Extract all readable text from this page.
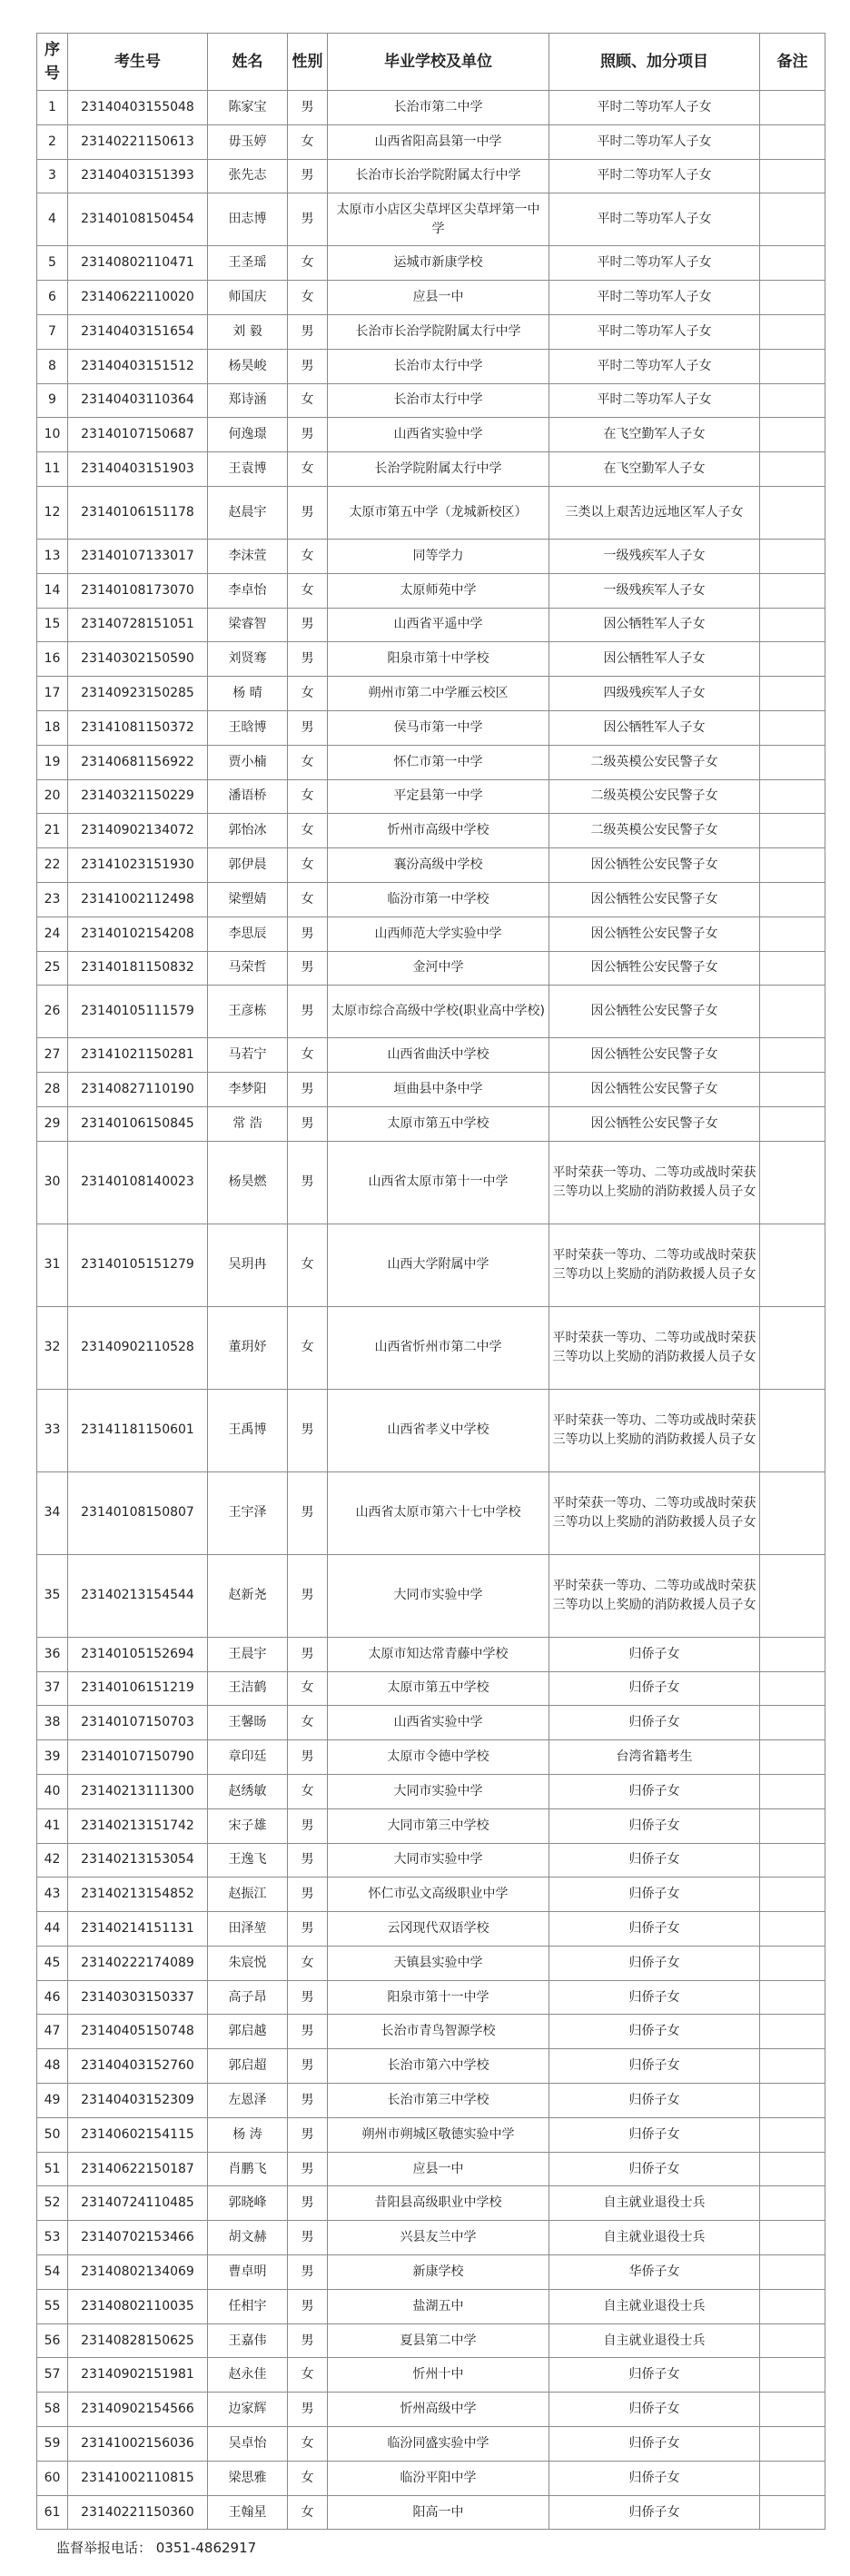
序号	考生号	姓名	性别	毕业学校及单位	照顾、加分项目	备注
1	23140403155048	陈家宝	男	长治市第二中学	平时二等功军人子女	
2	23140221150613	毋玉婷	女	山西省阳高县第一中学	平时二等功军人子女	
3	23140403151393	张先志	男	长治市长治学院附属太行中学	平时二等功军人子女	
4	23140108150454	田志博	男	太原市小店区尖草坪区尖草坪第一中学	平时二等功军人子女	
5	23140802110471	王圣瑶	女	运城市新康学校	平时二等功军人子女	
6	23140622110020	师国庆	女	应县一中	平时二等功军人子女	
7	23140403151654	刘 毅	男	长治市长治学院附属太行中学	平时二等功军人子女	
8	23140403151512	杨昊峻	男	长治市太行中学	平时二等功军人子女	
9	23140403110364	郑诗涵	女	长治市太行中学	平时二等功军人子女	
10	23140107150687	何逸璟	男	山西省实验中学	在飞空勤军人子女	
11	23140403151903	王袁博	女	长治学院附属太行中学	在飞空勤军人子女	
12	23140106151178	赵晨宇	男	太原市第五中学（龙城新校区）	三类以上艰苦边远地区军人子女	
13	23140107133017	李沫萱	女	同等学力	一级残疾军人子女	
14	23140108173070	李卓怡	女	太原师苑中学	一级残疾军人子女	
15	23140728151051	梁睿智	男	山西省平遥中学	因公牺牲军人子女	
16	23140302150590	刘贤骞	男	阳泉市第十中学校	因公牺牲军人子女	
17	23140923150285	杨 晴	女	朔州市第二中学雁云校区	四级残疾军人子女	
18	23141081150372	王晗博	男	侯马市第一中学	因公牺牲军人子女	
19	23140681156922	贾小楠	女	怀仁市第一中学	二级英模公安民警子女	
20	23140321150229	潘语桥	女	平定县第一中学	二级英模公安民警子女	
21	23140902134072	郭怡冰	女	忻州市高级中学校	二级英模公安民警子女	
22	23141023151930	郭伊晨	女	襄汾高级中学校	因公牺牲公安民警子女	
23	23141002112498	梁塑婧	女	临汾市第一中学校	因公牺牲公安民警子女	
24	23140102154208	李思辰	男	山西师范大学实验中学	因公牺牲公安民警子女	
25	23140181150832	马荣哲	男	金河中学	因公牺牲公安民警子女	
26	23140105111579	王彦栋	男	太原市综合高级中学校(职业高中学校)	因公牺牲公安民警子女	
27	23141021150281	马若宁	女	山西省曲沃中学校	因公牺牲公安民警子女	
28	23140827110190	李梦阳	男	垣曲县中条中学	因公牺牲公安民警子女	
29	23140106150845	常 浩	男	太原市第五中学校	因公牺牲公安民警子女	
30	23140108140023	杨昊燃	男	山西省太原市第十一中学	平时荣获一等功、二等功或战时荣获三等功以上奖励的消防救援人员子女	
31	23140105151279	吴玥冉	女	山西大学附属中学	平时荣获一等功、二等功或战时荣获三等功以上奖励的消防救援人员子女	
32	23140902110528	董玥妤	女	山西省忻州市第二中学	平时荣获一等功、二等功或战时荣获三等功以上奖励的消防救援人员子女	
33	23141181150601	王禹博	男	山西省孝义中学校	平时荣获一等功、二等功或战时荣获三等功以上奖励的消防救援人员子女	
34	23140108150807	王宇泽	男	山西省太原市第六十七中学校	平时荣获一等功、二等功或战时荣获三等功以上奖励的消防救援人员子女	
35	23140213154544	赵新尧	男	大同市实验中学	平时荣获一等功、二等功或战时荣获三等功以上奖励的消防救援人员子女	
36	23140105152694	王晨宇	男	太原市知达常青藤中学校	归侨子女	
37	23140106151219	王洁鹤	女	太原市第五中学校	归侨子女	
38	23140107150703	王馨旸	女	山西省实验中学	归侨子女	
39	23140107150790	章印廷	男	太原市令德中学校	台湾省籍考生	
40	23140213111300	赵绣敏	女	大同市实验中学	归侨子女	
41	23140213151742	宋子雄	男	大同市第三中学校	归侨子女	
42	23140213153054	王逸飞	男	大同市实验中学	归侨子女	
43	23140213154852	赵振江	男	怀仁市弘文高级职业中学	归侨子女	
44	23140214151131	田泽堃	男	云冈现代双语学校	归侨子女	
45	23140222174089	朱宸悦	女	天镇县实验中学	归侨子女	
46	23140303150337	高子昂	男	阳泉市第十一中学	归侨子女	
47	23140405150748	郭启越	男	长治市青鸟智源学校	归侨子女	
48	23140403152760	郭启超	男	长治市第六中学校	归侨子女	
49	23140403152309	左恩泽	男	长治市第三中学校	归侨子女	
50	23140602154115	杨 涛	男	朔州市朔城区敬德实验中学	归侨子女	
51	23140622150187	肖鹏飞	男	应县一中	归侨子女	
52	23140724110485	郭晓峰	男	昔阳县高级职业中学校	自主就业退役士兵	
53	23140702153466	胡文赫	男	兴县友兰中学	自主就业退役士兵	
54	23140802134069	曹卓明	男	新康学校	华侨子女	
55	23140802110035	任相宇	男	盐湖五中	自主就业退役士兵	
56	23140828150625	王嘉伟	男	夏县第二中学	自主就业退役士兵	
57	23140902151981	赵永佳	女	忻州十中	归侨子女	
58	23140902154566	边家辉	男	忻州高级中学	归侨子女	
59	23141002156036	吴卓怡	女	临汾同盛实验中学	归侨子女	
60	23141002110815	梁思雅	女	临汾平阳中学	归侨子女	
61	23140221150360	王翰星	女	阳高一中	归侨子女	
监督举报电话： 0351-4862917
